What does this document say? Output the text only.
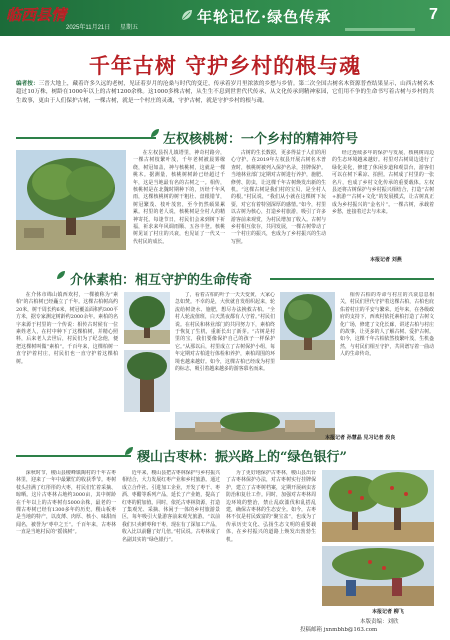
临西县情
2025年11月21日 星期五
年轮记忆·绿色传承	7
千年古树 守护乡村的根与魂
编者按：三晋大地上，藏着许多久远的老树，见证着岁月的沧桑与时代的变迁，传承着岁月里浓浓的乡愁与乡情。第二次全国古树名木资源普查结果显示，山西古树名木超过10万株，树龄在1000年以上的古树1200余株。这1000多株古树，从生生不息到世世代代传承，从文化传承到精神家园，它们用不争的生命书写着古树与乡村的共生故事，更由于人们保护古树，一棵古树，就是一个村庄的灵魂，守护古树，就是守护乡村的根与魂。
左权核桃树：一个乡村的精神符号

在左权县拐儿镇塔里，神奇村路旁，一棵古树枝繁叶茂，千年老树被晨雾缭绕，树冠如盖，神与核桃树，这就是一棵桃木。据测量，核桃树树龄已经超过千年，这是当地最有名的古树之一。相传，核桃树是在北魏时期种下的，历经千年风雨，这棵核桃树的树干粗壮、盘根错节，树冠繁茂、枝叶茂密，至今仍然硕果累累。村里的老人说，核桃树是全村人的精神寄托。每逢节日，村民们会来到树下祈福，祈求来年风调雨顺、五谷丰登。核桃树见证了村庄的兴衰，也见证了一代又一代村民的成长。

古树的生长数据，更多得益于人们的用心守护。在2019年左权县开展古树名木普查时，核桃树被列入保护名录，挂牌保护。当地林业部门定期对古树进行养护，施肥、修剪、防虫，让这棵千年古树焕发出新的生机。“这棵古树是我们村的宝贝，是全村人的根。”村民说，“我们从小就在这棵树下玩耍，对它有着特别深厚的感情。”如今，村里以古树为核心，打造乡村旅游，吸引了许多游客前来观赏，为村民增加了收入。古树与乡村相互依存，共同发展，一棵古树带动了一个村庄的振兴，也成为了乡村振兴的生动写照。

经过连续多年的保护与发展，核桃树周边的生态环境越来越好。村里对古树周边进行了绿化美化，修建了休闲步道和观景台，游客们可以在树下乘凉、拍照。古树成了村里的一张名片，也成了乡村文化传承的重要载体。左权县还将古树保护与乡村振兴相结合，打造“古树+旅游”“古树+文化”的发展模式，让古树真正成为乡村振兴的“金名片”。一棵古树，承载着乡愁，连接着过去与未来。

本报记者 刘燕
介休素柏：相互守护的生命传奇

在介休市绵山镇西欢村，一棵被称为“素柏”的古柏树已经矗立了千年。这棵古柏树高约20米，树干周长约6米，树冠覆盖面积约300平方米，据专家测定树龄约2000余年。素柏的名字来源于村里的一个传说：相传古时候有一位素姓老人，在村中种下了这棵柏树，并精心照料，后来老人去世后，村民们为了纪念他，便把这棵树叫做“素柏”。千百年来，这棵柏树一直守护着村庄，村民们也一直守护着这棵柏树。

了，看着古柏的叶子一天天变黄，大家心急如焚。不幸的是，大伙就自发组织起来，轮流给树浇水、施肥，想尽办法挽救古柏。“全村人轮流值班，白天黑夜都有人守着。”村民们说。在村民和林业部门的共同努力下，素柏终于恢复了生机，重新长出了新芽。“古树是村里的宝，我们要像保护自己的孩子一样保护它。”从那以后，村里成立了古树保护小组，每年定期对古柏进行体检和养护，素柏周围的环境也越来越好。如今，这棵古柏已经成为村里的标志，吸引着越来越多的游客慕名而来。

相传古柏的寿命与村庄的兴衰息息相关，村民们世代守护着这棵古柏，古柏也庇佑着村庄的平安与繁荣。近年来，在各级政府的支持下，西欢村依托素柏打造了古树文化广场，修建了文化长廊，讲述古柏与村庄的故事，让更多的人了解古树、爱护古树。如今，这棵千年古柏依然枝繁叶茂，生机盎然，与村民们相互守护，共同谱写着一曲动人的生命传奇。

本报记者 孙慧晶 见习记者 段良
稷山古枣林：振兴路上的“绿色银行”

深秋时节，稷山县稷峰镇陶村的千年古枣林里，迎来了一年中最繁忙的收获季节。枣树枝头挂满了红彤彤的大枣，村民们忙着采摘、晾晒。这片古枣林占地约3000亩，其中树龄在千年以上的古枣树有5000余株，最老的一棵古枣树已经有1300多年的历史。稷山板枣是当地的特产，以皮薄、肉厚、核小、味甜而闻名，被誉为“枣中之王”。千百年来，古枣林一直是当地村民的“摇钱树”。

近年来，稷山县把古枣林保护与乡村振兴相结合，大力发展红枣产业和乡村旅游。通过成立合作社、引进加工企业，开发了枣干、枣酒、枣醋等系列产品，延长了产业链，提高了红枣的附加值。同时，依托古枣林资源，打造了集观光、采摘、休闲于一体的乡村旅游景区，每年吸引大量游客前来观光旅游。“以前我们只卖鲜枣和干枣，现在有了深加工产品，收入比以前翻了好几倍。”村民说。古枣林成了名副其实的“绿色银行”。

为了更好地保护古枣林，稷山县出台了古枣林保护办法，对古枣树实行挂牌保护，建立了古枣树档案，定期开展病虫害防治和复壮工作。同时，加强对古枣林周边环境的整治，禁止乱砍滥伐和乱搭乱建，确保古枣林的生态安全。如今，古枣林不仅是村民致富的“聚宝盆”，也成为了传承历史文化、弘扬生态文明的重要载体，在乡村振兴的道路上焕发出勃勃生机。

本报记者 柳飞
本版责编：刘欣
投稿邮箱 jxnmbhb@163.com
